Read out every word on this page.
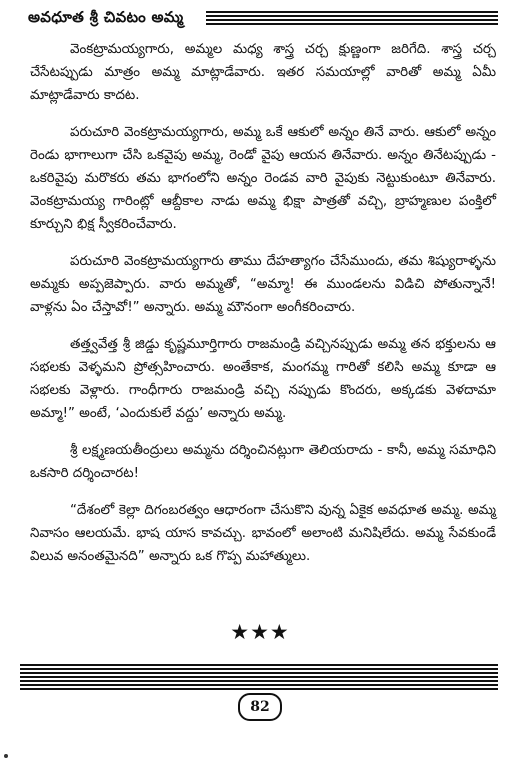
అవధూత శ్రీ చివటం అమ్మ

వెంకట్రామయ్యగారు, అమ్మల మధ్య శాస్త్ర చర్చ క్షుణ్ణంగా జరిగేది. శాస్త్ర చర్చ చేసేటప్పుడు మాత్రం అమ్మ మాట్లాడేవారు. ఇతర సమయాల్లో వారితో అమ్మ ఏమీ మాట్లాడేవారు కాదట.

పరుచూరి వెంకట్రామయ్యగారు, అమ్మ ఒకే ఆకులో అన్నం తినే వారు. ఆకులో అన్నం రెండు భాగాలుగా చేసి ఒకవైపు అమ్మ, రెండో వైపు ఆయన తినేవారు. అన్నం తినేటప్పుడు - ఒకరివైపు మరొకరు తమ భాగంలోని అన్నం రెండవ వారి వైపుకు నెట్టుకుంటూ తినేవారు. వెంకట్రామయ్య గారింట్లో ఆబ్దీకాల నాడు అమ్మ భిక్షా పాత్రతో వచ్చి, బ్రాహ్మణుల పంక్తిలో కూర్చుని భిక్ష స్వీకరించేవారు.

పరుచూరి వెంకట్రామయ్యగారు తాము దేహత్యాగం చేసేముందు, తమ శిష్యురాళ్ళను అమ్మకు అప్పజెప్పారు. వారు అమ్మతో, “అమ్మా! ఈ ముండలను విడిచి పోతున్నానే! వాళ్లను ఏం చేస్తావో!” అన్నారు. అమ్మ మౌనంగా అంగీకరించారు.

తత్త్వవేత్త శ్రీ జిడ్డు కృష్ణమూర్తిగారు రాజమండ్రి వచ్చినప్పుడు అమ్మ తన భక్తులను ఆ సభలకు వెళ్ళమని ప్రోత్సహించారు. అంతేకాక, మంగమ్మ గారితో కలిసి అమ్మ కూడా ఆ సభలకు వెళ్లారు. గాంధీగారు రాజమండ్రి వచ్చి నప్పుడు కొందరు, అక్కడకు వెళదామా అమ్మా!” అంటే, ‘ఎందుకులే వద్దు’ అన్నారు అమ్మ.

శ్రీ లక్ష్మణయతీంద్రులు అమ్మను దర్శించినట్లుగా తెలియరాదు - కానీ, అమ్మ సమాధిని ఒకసారి దర్శించారట!

“దేశంలో కెల్లా దిగంబరత్వం ఆధారంగా చేసుకొని వున్న ఏకైక అవధూత అమ్మ. అమ్మ నివాసం ఆలయమే. భాష యాస కావచ్చు. భావంలో అలాంటి మనిషిలేదు. అమ్మ సేవకుండే విలువ అనంతమైనది” అన్నారు ఒక గొప్ప మహాత్ములు.

★★★
82
